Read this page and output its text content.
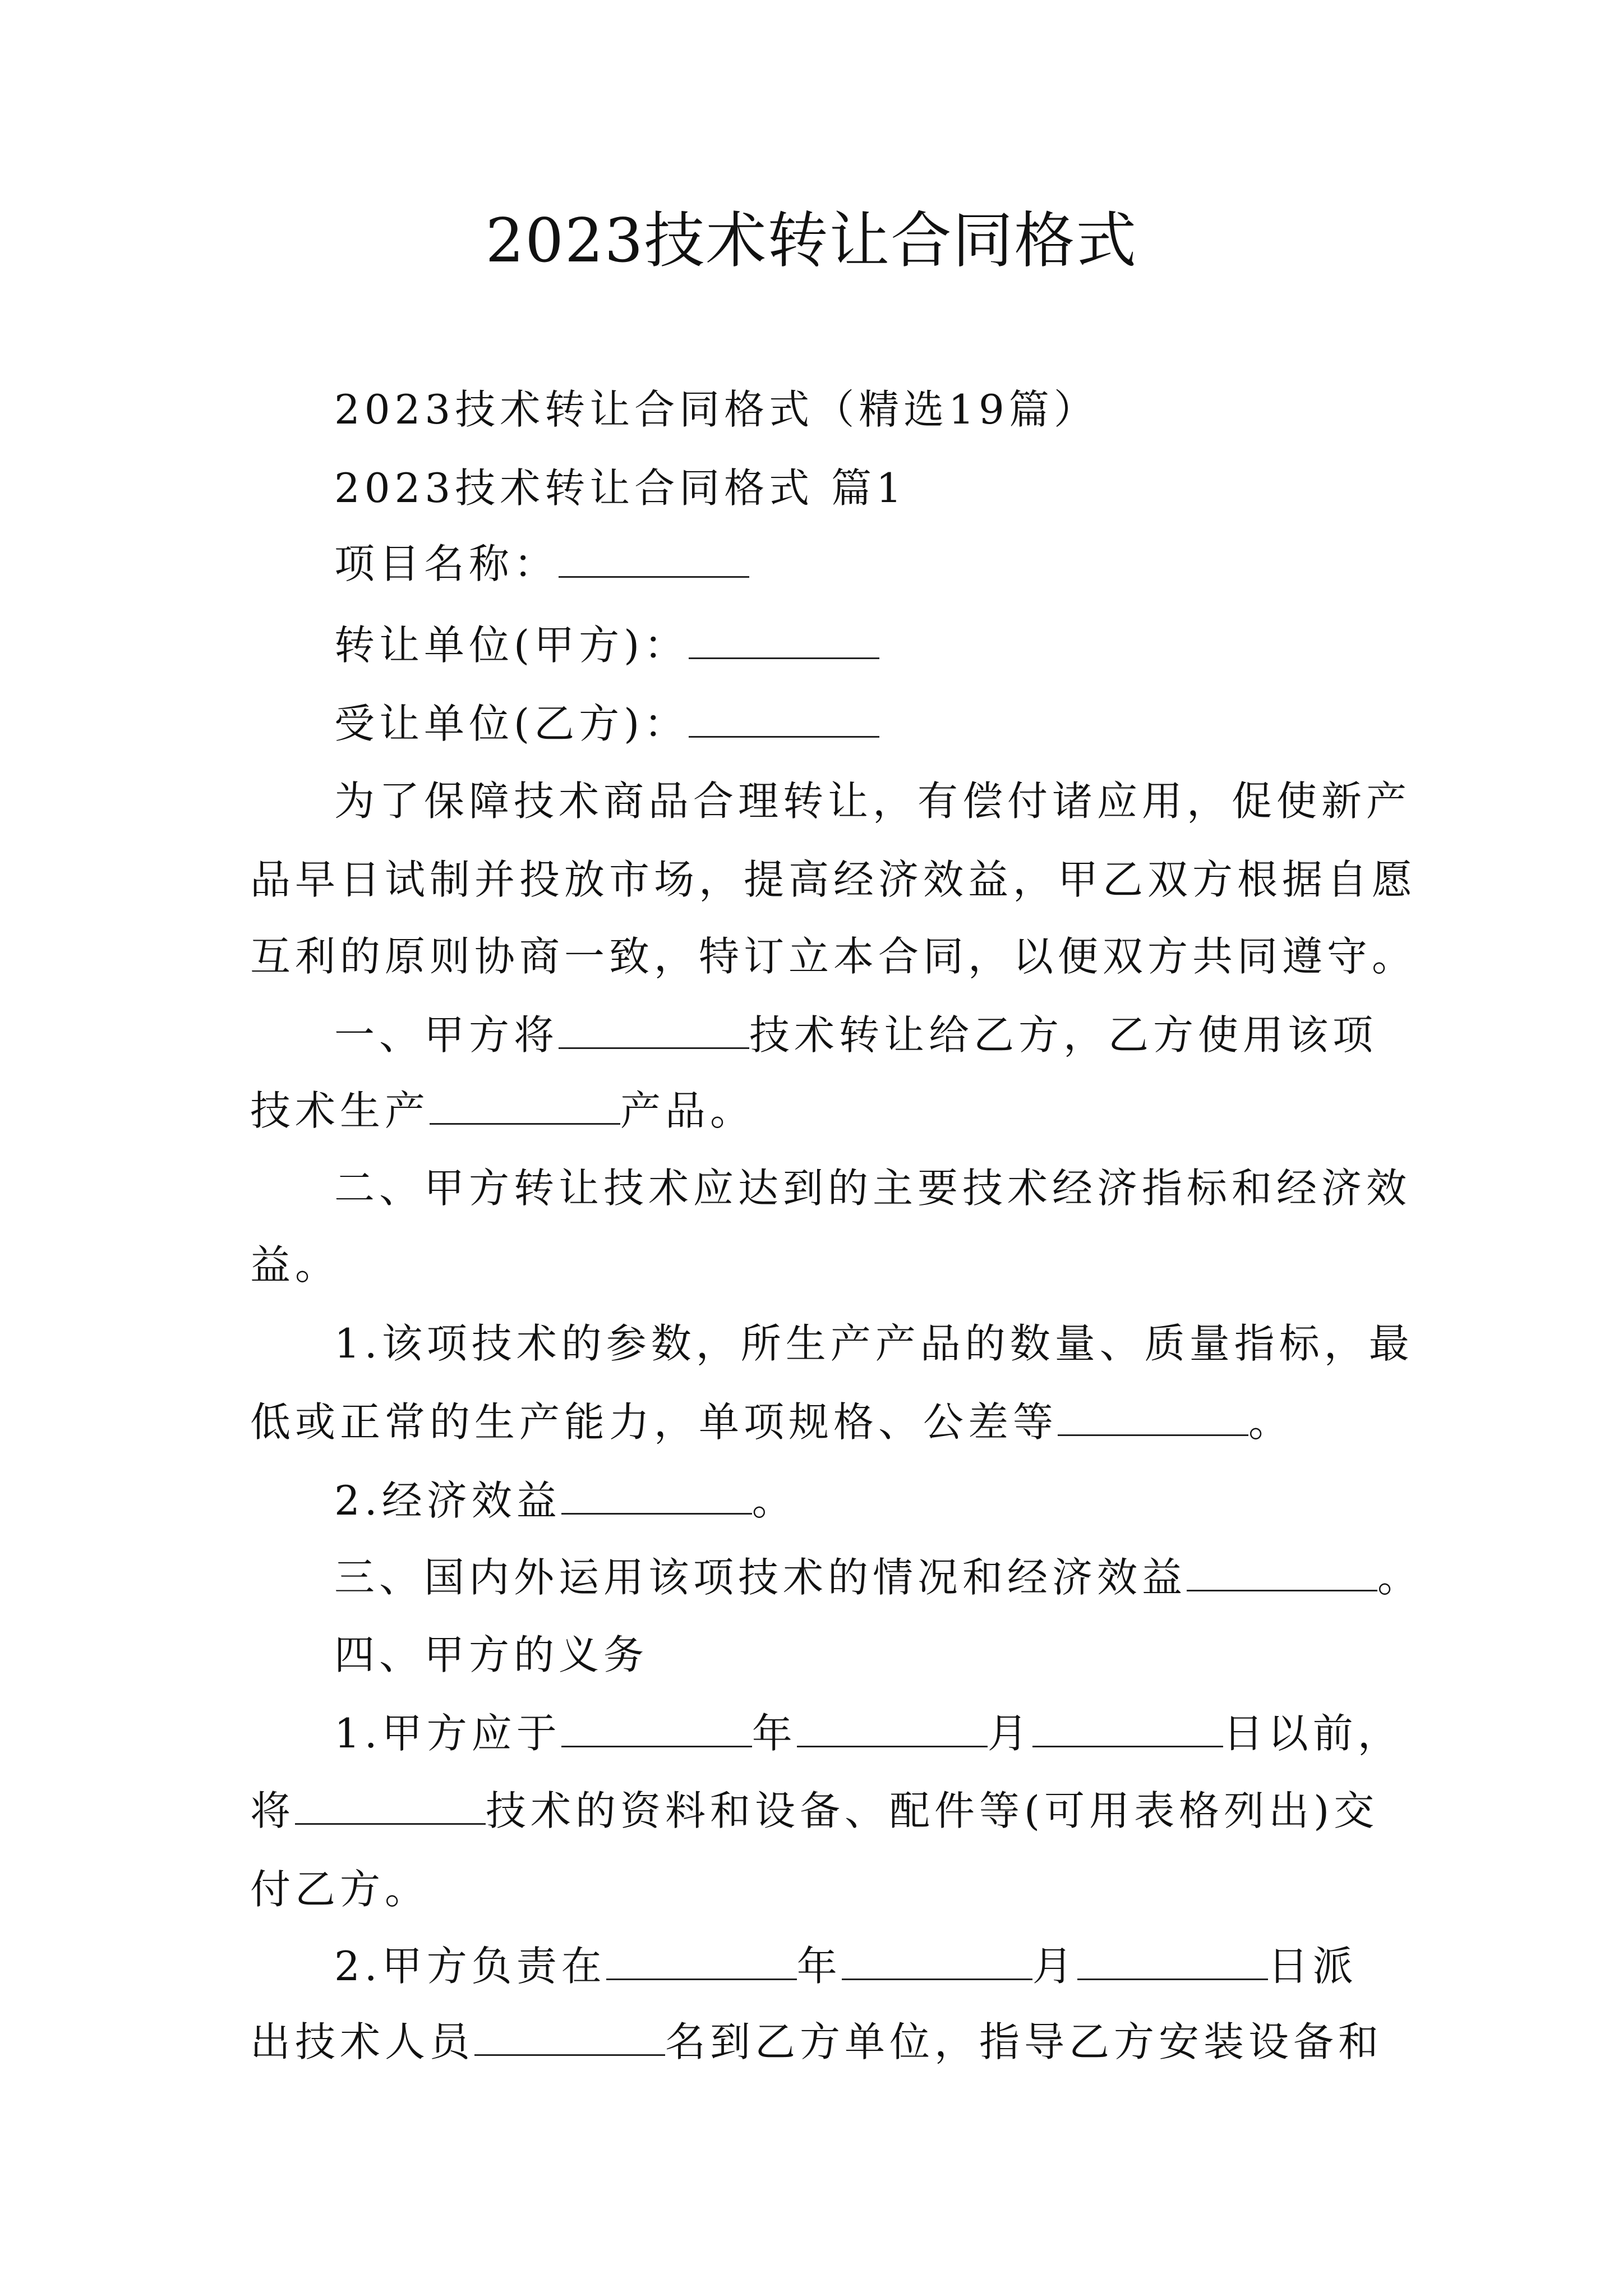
2023技术转让合同格式
2023技术转让合同格式（精选19篇）
2023技术转让合同格式 篇1
项目名称：
转让单位(甲方)：
受让单位(乙方)：
为了保障技术商品合理转让，有偿付诸应用，促使新产
品早日试制并投放市场，提高经济效益，甲乙双方根据自愿
互利的原则协商一致，特订立本合同，以便双方共同遵守。
一、甲方将	技术转让给乙方，乙方使用该项
技术生产	产品。
二、甲方转让技术应达到的主要技术经济指标和经济效
益。
1.该项技术的参数，所生产产品的数量、质量指标，最
低或正常的生产能力，单项规格、公差等	。
2.经济效益	。
三、国内外运用该项技术的情况和经济效益	。
四、甲方的义务
1.甲方应于	年	月	日以前，
将	技术的资料和设备、配件等(可用表格列出)交
付乙方。
2.甲方负责在	年	月	日派
出技术人员	名到乙方单位，指导乙方安装设备和
